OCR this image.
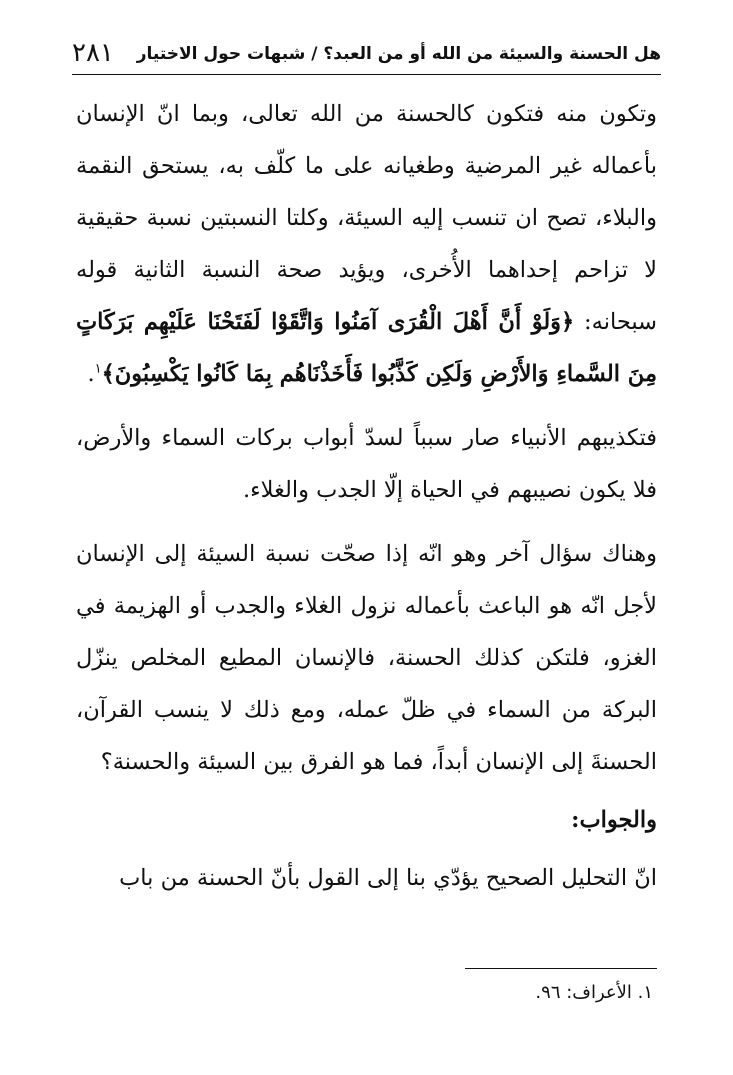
٢٨١ هل الحسنة والسيئة من الله أو من العبد؟ / شبهات حول الاختيار

وتكون منه فتكون كالحسنة من الله تعالى، وبما انّ الإنسان بأعماله غير المرضية وطغيانه على ما كلّف به، يستحق النقمة والبلاء، تصح ان تنسب إليه السيئة، وكلتا النسبتين نسبة حقيقية لا تزاحم إحداهما الأُخرى، ويؤيد صحة النسبة الثانية قوله سبحانه: ﴿وَلَوْ أَنَّ أَهْلَ الْقُرَى آمَنُوا وَاتَّقَوْا لَفَتَحْنَا عَلَيْهِم بَرَكَاتٍ مِنَ السَّماءِ وَالأَرْضِ وَلَكِن كَذَّبُوا فَأَخَذْنَاهُم بِمَا كَانُوا يَكْسِبُونَ﴾$^١$.

فتكذيبهم الأنبياء صار سبباً لسدّ أبواب بركات السماء والأرض، فلا يكون نصيبهم في الحياة إلّا الجدب والغلاء.

وهناك سؤال آخر وهو انّه إذا صحّت نسبة السيئة إلى الإنسان لأجل انّه هو الباعث بأعماله نزول الغلاء والجدب أو الهزيمة في الغزو، فلتكن كذلك الحسنة، فالإنسان المطيع المخلص ينزّل البركة من السماء في ظلّ عمله، ومع ذلك لا ينسب القرآن، الحسنةَ إلى الإنسان أبداً، فما هو الفرق بين السيئة والحسنة؟

والجواب:

انّ التحليل الصحيح يؤدّي بنا إلى القول بأنّ الحسنة من باب

١. الأعراف: ٩٦.
